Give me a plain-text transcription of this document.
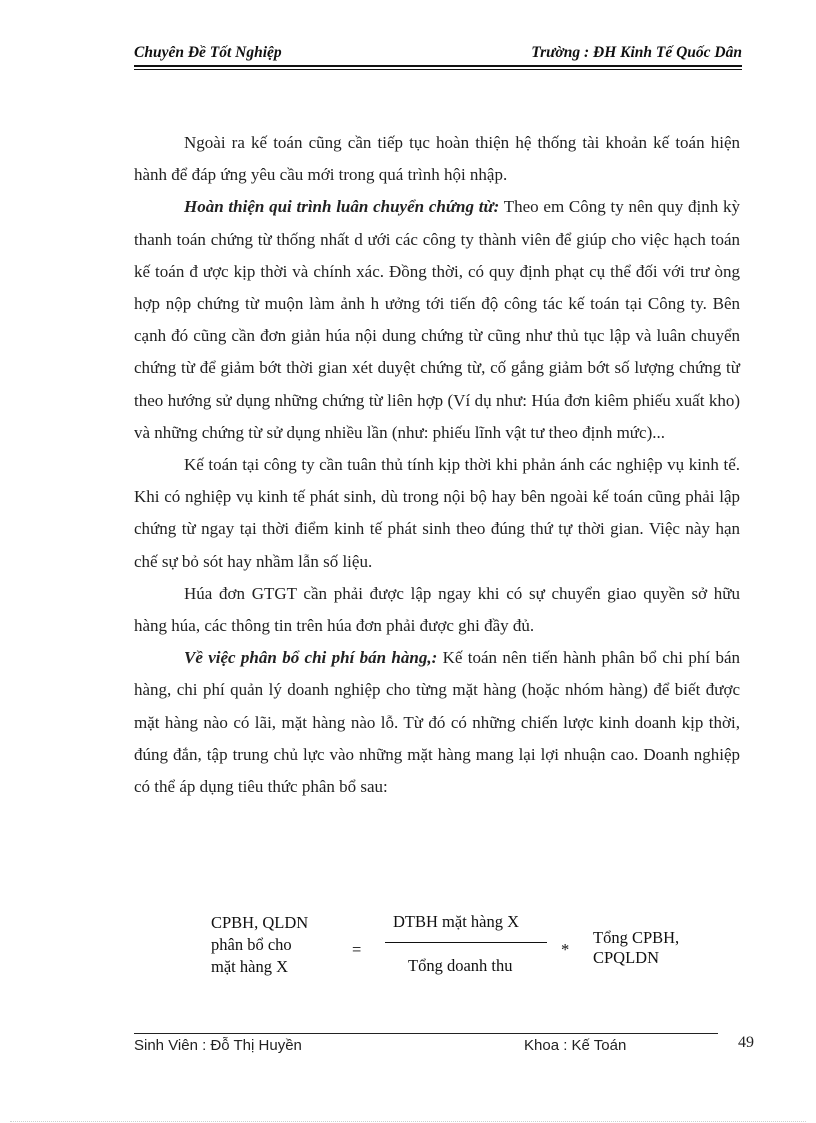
Chuyên Đề Tốt Nghiệp	Trường : ĐH Kinh Tế Quốc Dân

Ngoài ra kế toán cũng cần tiếp tục hoàn thiện hệ thống tài khoản kế toán hiện hành để đáp ứng yêu cầu mới trong quá trình hội nhập.

Hoàn thiện qui trình luân chuyển chứng từ: Theo em Công ty nên quy định kỳ thanh toán chứng từ thống nhất d ưới các công ty thành viên để giúp cho việc hạch toán kế toán đ ược kịp thời và chính xác. Đồng thời, có quy định phạt cụ thể đối với trư òng hợp nộp chứng từ muộn làm ảnh h ưởng tới tiến độ công tác kế toán tại Công ty. Bên cạnh đó cũng cần đơn giản húa nội dung chứng từ cũng như thủ tục lập và luân chuyển chứng từ để giảm bớt thời gian xét duyệt chứng từ, cố gắng giảm bớt số lượng chứng từ theo hướng sử dụng những chứng từ liên hợp (Ví dụ như: Húa đơn kiêm phiếu xuất kho) và những chứng từ sử dụng nhiều lần (như: phiếu lĩnh vật tư theo định mức)...

Kế toán tại công ty cần tuân thủ tính kịp thời khi phản ánh các nghiệp vụ kinh tế. Khi có nghiệp vụ kinh tế phát sinh, dù trong nội bộ hay bên ngoài kế toán cũng phải lập chứng từ ngay tại thời điểm kinh tế phát sinh theo đúng thứ tự thời gian. Việc này hạn chế sự bỏ sót hay nhầm lẫn số liệu.

Húa đơn GTGT cần phải được lập ngay khi có sự chuyển giao quyền sở hữu hàng húa, các thông tin trên húa đơn phải được ghi đầy đủ.

Về việc phân bổ chi phí bán hàng,: Kế toán nên tiến hành phân bổ chi phí bán hàng, chi phí quản lý doanh nghiệp cho từng mặt hàng (hoặc nhóm hàng) để biết được mặt hàng nào có lãi, mặt hàng nào lỗ. Từ đó có những chiến lược kinh doanh kịp thời, đúng đắn, tập trung chủ lực vào những mặt hàng mang lại lợi nhuận cao. Doanh nghiệp có thể áp dụng tiêu thức phân bổ sau:

CPBH, QLDN
phân bổ cho
mặt hàng X
=
DTBH mặt hàng X
Tổng doanh thu
*
Tổng CPBH,
CPQLDN
Sinh Viên : Đỗ Thị Huyền	Khoa : Kế Toán	49
